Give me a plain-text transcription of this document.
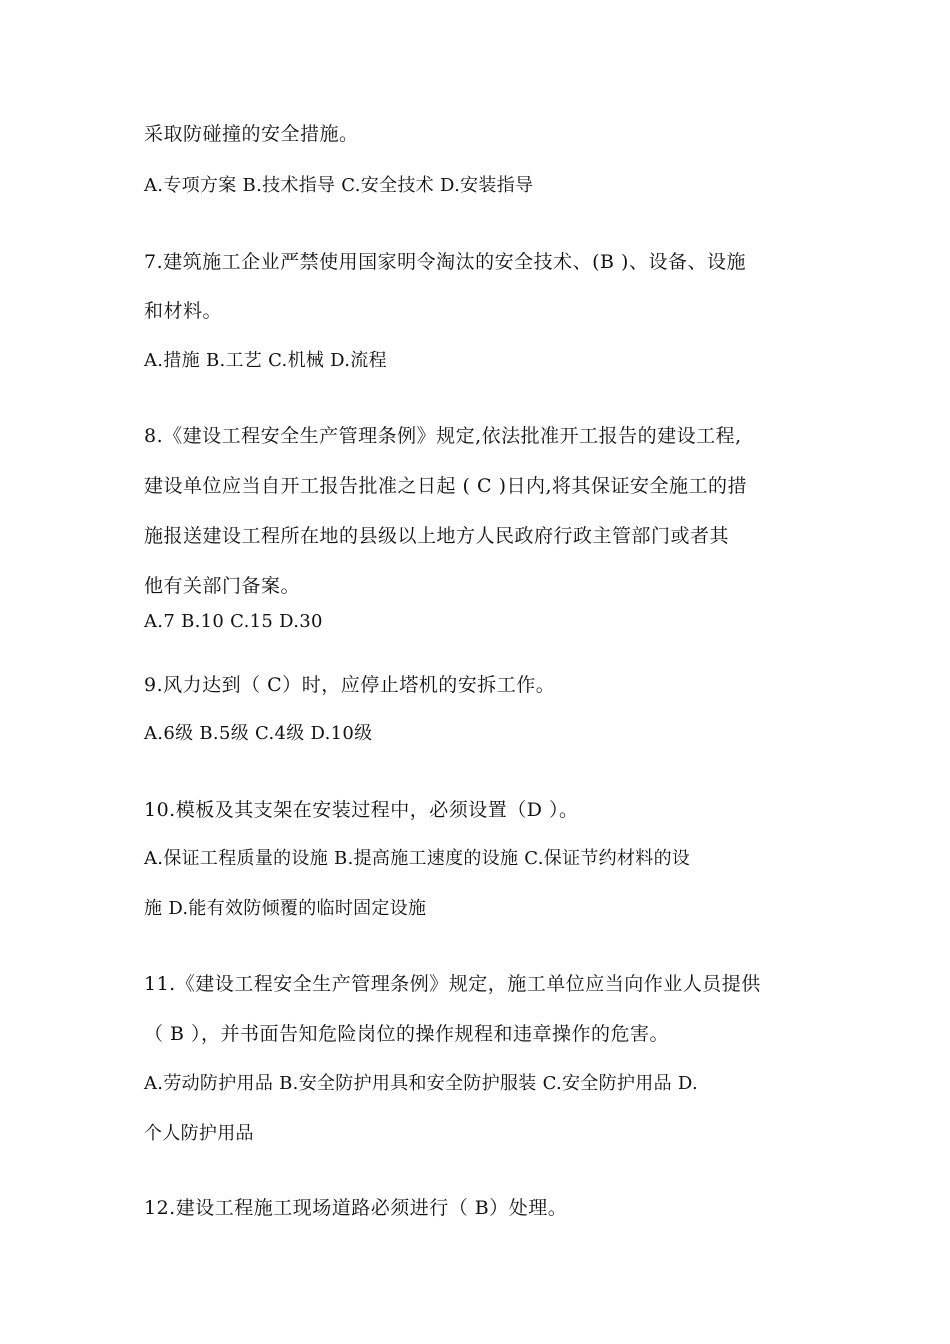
采取防碰撞的安全措施。
A.专项方案 B.技术指导 C.安全技术 D.安装指导
7.建筑施工企业严禁使用国家明令淘汰的安全技术、(B )、设备、设施
和材料。
A.措施 B.工艺 C.机械 D.流程
8.《建设工程安全生产管理条例》规定,依法批准开工报告的建设工程,
建设单位应当自开工报告批准之日起 ( C )日内,将其保证安全施工的措
施报送建设工程所在地的县级以上地方人民政府行政主管部门或者其
他有关部门备案。
A.7 B.10 C.15 D.30
9.风力达到（ C）时，应停止塔机的安拆工作。
A.6级 B.5级 C.4级 D.10级
10.模板及其支架在安装过程中，必须设置（D ）。
A.保证工程质量的设施 B.提高施工速度的设施 C.保证节约材料的设
施 D.能有效防倾覆的临时固定设施
11.《建设工程安全生产管理条例》规定，施工单位应当向作业人员提供
（ B ），并书面告知危险岗位的操作规程和违章操作的危害。
A.劳动防护用品 B.安全防护用具和安全防护服装 C.安全防护用品 D.
个人防护用品
12.建设工程施工现场道路必须进行（ B）处理。
